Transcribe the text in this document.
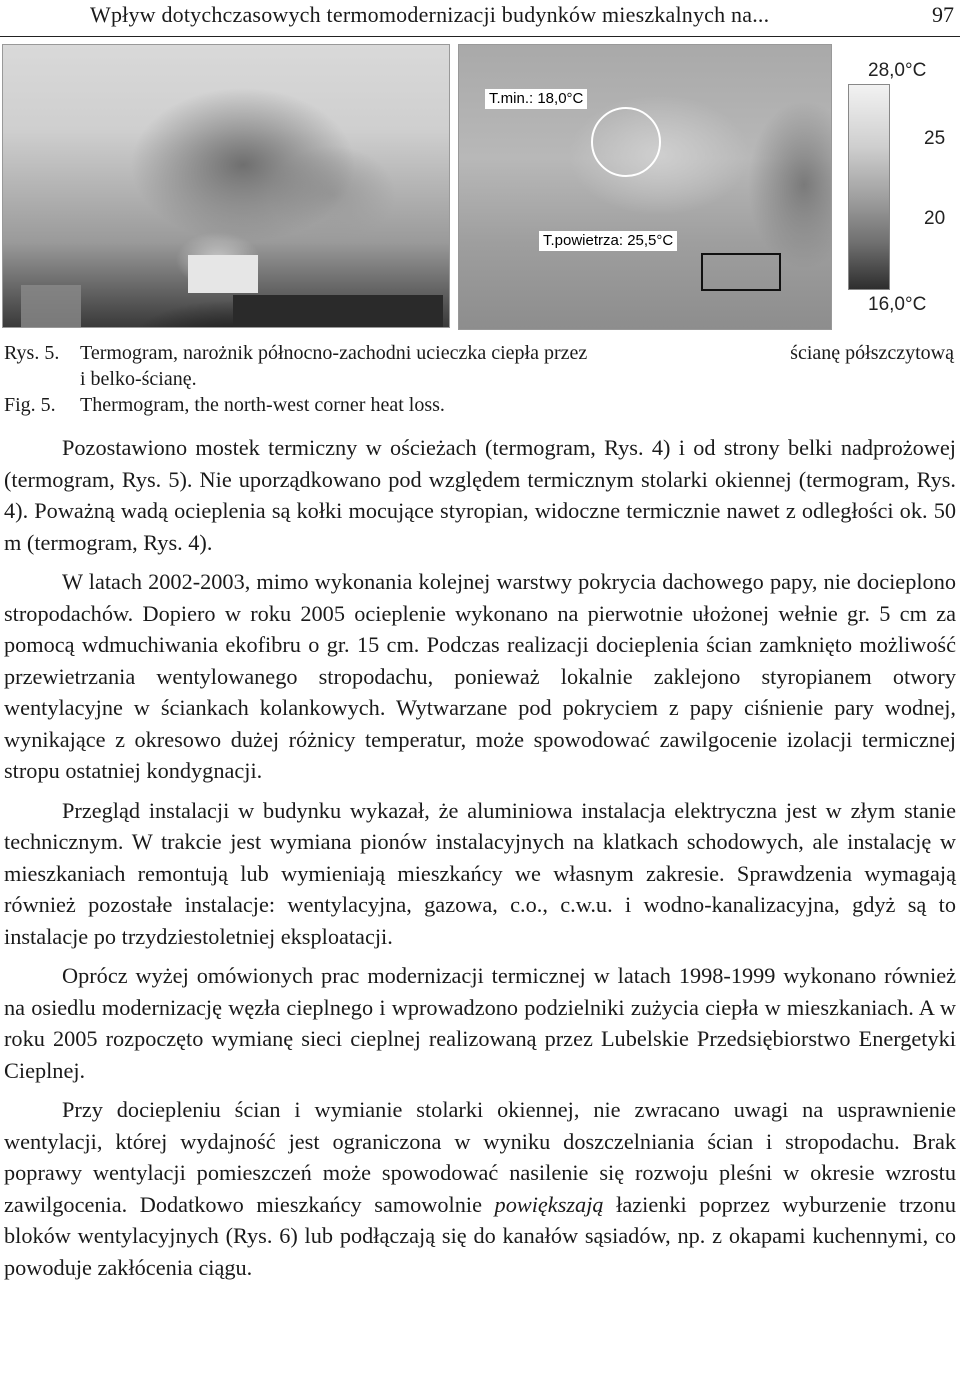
Wpływ dotychczasowych termomodernizacji budynków mieszkalnych na...	97
T.min.: 18,0°C
T.powietrza: 25,5°C
28,0°C
25
20
16,0°C
Rys. 5. Termogram, narożnik północno-zachodni ucieczka ciepła przez	ścianę półszczytową
i belko-ścianę.
Fig. 5. Thermogram, the north-west corner heat loss.

Pozostawiono mostek termiczny w ościeżach (termogram, Rys. 4) i od strony belki nadprożowej (termogram, Rys. 5). Nie uporządkowano pod względem termicznym stolarki okiennej (termogram, Rys. 4). Poważną wadą ocieplenia są kołki mocujące styropian, widoczne termicznie nawet z odległości ok. 50 m (termogram, Rys. 4).

W latach 2002-2003, mimo wykonania kolejnej warstwy pokrycia dachowego papy, nie docieplono stropodachów. Dopiero w roku 2005 ocieplenie wykonano na pierwotnie ułożonej wełnie gr. 5 cm za pomocą wdmuchiwania ekofibru o gr. 15 cm. Podczas realizacji docieplenia ścian zamknięto możliwość przewietrzania wentylowanego stropodachu, ponieważ lokalnie zaklejono styropianem otwory wentylacyjne w ściankach kolankowych. Wytwarzane pod pokryciem z papy ciśnienie pary wodnej, wynikające z okresowo dużej różnicy temperatur, może spowodować zawilgocenie izolacji termicznej stropu ostatniej kondygnacji.

Przegląd instalacji w budynku wykazał, że aluminiowa instalacja elektryczna jest w złym stanie technicznym. W trakcie jest wymiana pionów instalacyjnych na klatkach schodowych, ale instalację w mieszkaniach remontują lub wymieniają mieszkańcy we własnym zakresie. Sprawdzenia wymagają również pozostałe instalacje: wentylacyjna, gazowa, c.o., c.w.u. i wodno-kanalizacyjna, gdyż są to instalacje po trzydziestoletniej eksploatacji.

Oprócz wyżej omówionych prac modernizacji termicznej w latach 1998-1999 wykonano również na osiedlu modernizację węzła cieplnego i wprowadzono podzielniki zużycia ciepła w mieszkaniach. A w roku 2005 rozpoczęto wymianę sieci cieplnej realizowaną przez Lubelskie Przedsiębiorstwo Energetyki Cieplnej.

Przy dociepleniu ścian i wymianie stolarki okiennej, nie zwracano uwagi na usprawnienie wentylacji, której wydajność jest ograniczona w wyniku doszczelniania ścian i stropodachu. Brak poprawy wentylacji pomieszczeń może spowodować nasilenie się rozwoju pleśni w okresie wzrostu zawilgocenia. Dodatkowo mieszkańcy samowolnie powiększają łazienki poprzez wyburzenie trzonu bloków wentylacyjnych (Rys. 6) lub podłączają się do kanałów sąsiadów, np. z okapami kuchennymi, co powoduje zakłócenia ciągu.
